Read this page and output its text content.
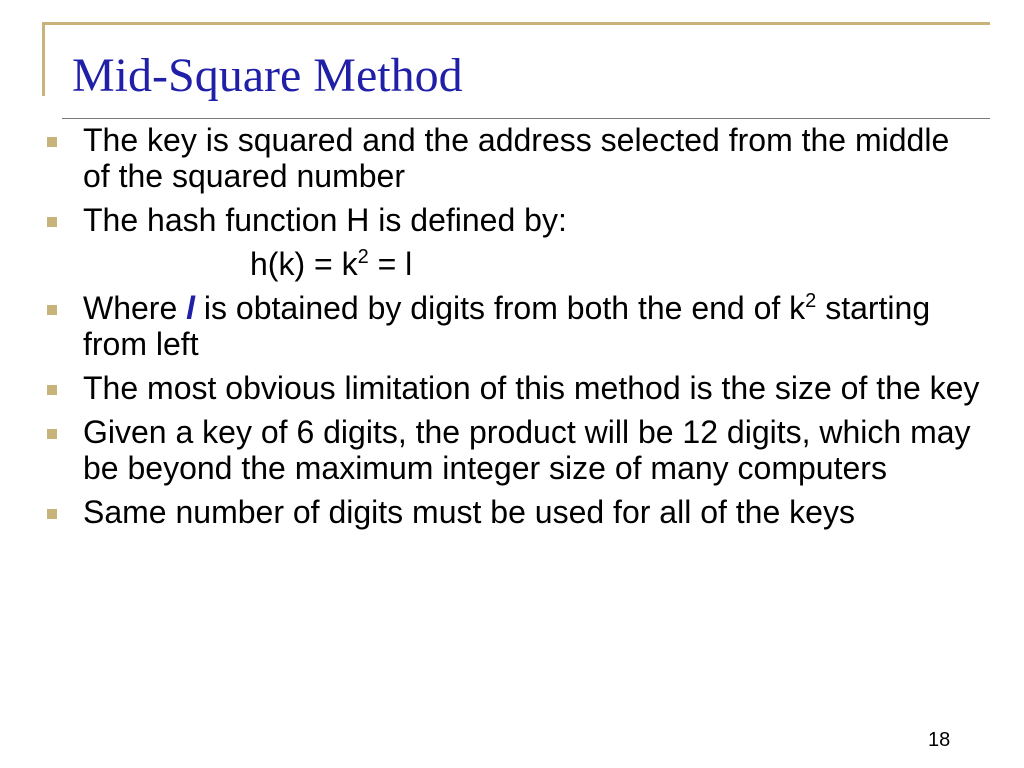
Mid-Square Method
The key is squared and the address selected from the middle of the squared number
The hash function H is defined by:
$h(k) = k^2 = l$
Where l is obtained by digits from both the end of $k^2$ starting from left
The most obvious limitation of this method is the size of the key
Given a key of 6 digits, the product will be 12 digits, which may be beyond the maximum integer size of many computers
Same number of digits must be used for all of the keys
18
